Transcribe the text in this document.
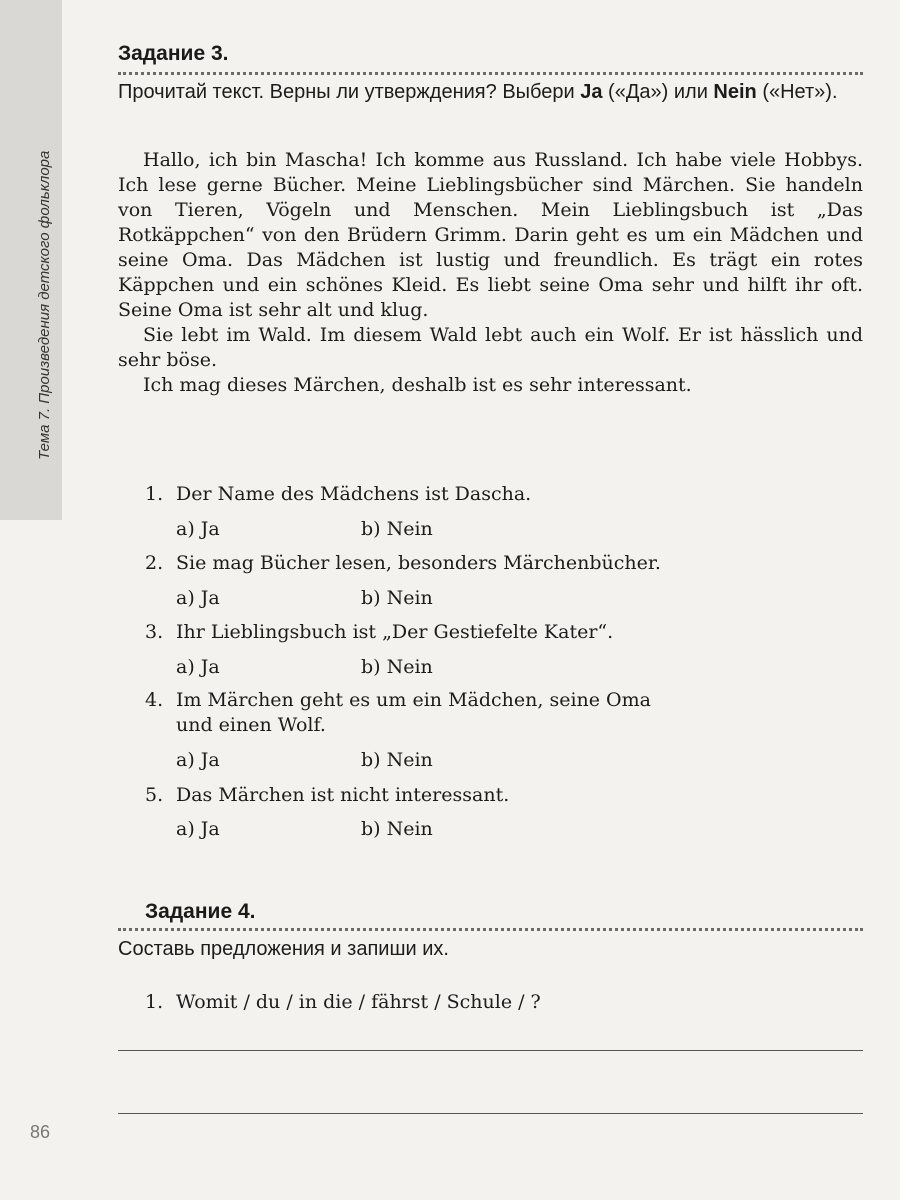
Тема 7. Произведения детского фольклора
Задание 3.
Прочитай текст. Верны ли утверждения? Выбери Ja («Да») или Nein («Нет»).

Hallo, ich bin Mascha! Ich komme aus Russland. Ich habe viele Hobbys. Ich lese gerne Bücher. Meine Lieblingsbücher sind Märchen. Sie handeln von Tieren, Vögeln und Menschen. Mein Lieblingsbuch ist „Das Rotkäppchen“ von den Brüdern Grimm. Darin geht es um ein Mädchen und seine Oma. Das Mädchen ist lustig und freundlich. Es trägt ein rotes Käppchen und ein schönes Kleid. Es liebt seine Oma sehr und hilft ihr oft. Seine Oma ist sehr alt und klug.

Sie lebt im Wald. Im diesem Wald lebt auch ein Wolf. Er ist hässlich und sehr böse.

Ich mag dieses Märchen, deshalb ist es sehr interessant.

1. Der Name des Mädchens ist Dascha.
a) Ja	b) Nein
2. Sie mag Bücher lesen, besonders Märchenbücher.
a) Ja	b) Nein
3. Ihr Lieblingsbuch ist „Der Gestiefelte Kater“.
a) Ja	b) Nein
4. Im Märchen geht es um ein Mädchen, seine Oma
und einen Wolf.
a) Ja	b) Nein
5. Das Märchen ist nicht interessant.
a) Ja	b) Nein
Задание 4.
Составь предложения и запиши их.
1. Womit / du / in die / fährst / Schule / ?
86
